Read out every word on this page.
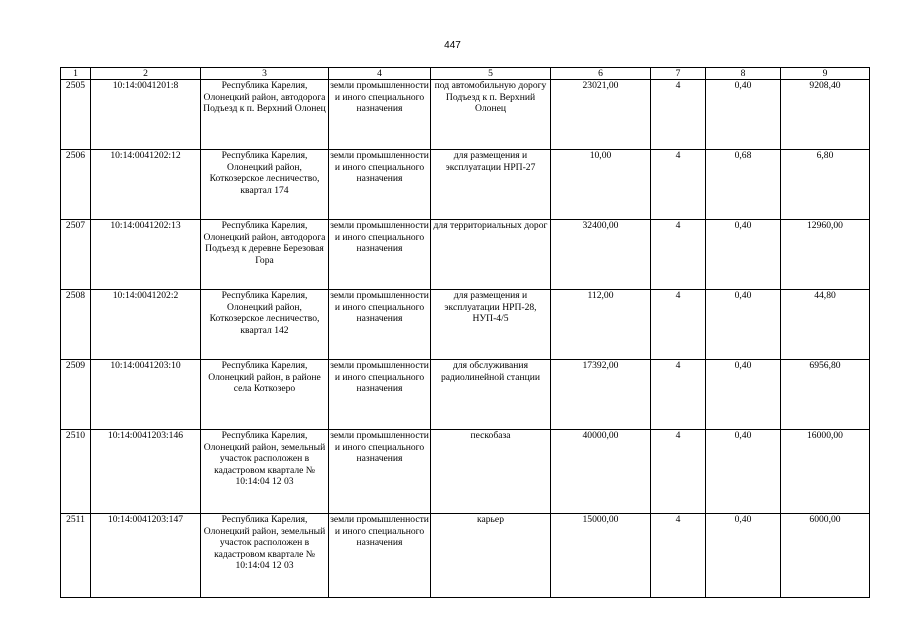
447
1	2	3	4	5	6	7	8	9
2505	10:14:0041201:8	Республика Карелия, Олонецкий район, автодорога Подъезд к п. Верхний Олонец	земли промышленности и иного специального назначения	под автомобильную дорогу Подъезд к п. Верхний Олонец	23021,00	4	0,40	9208,40
2506	10:14:0041202:12	Республика Карелия, Олонецкий район, Коткозерское лесничество, квартал 174	земли промышленности и иного специального назначения	для размещения и эксплуатации НРП-27	10,00	4	0,68	6,80
2507	10:14:0041202:13	Республика Карелия, Олонецкий район, автодорога Подъезд к деревне Березовая Гора	земли промышленности и иного специального назначения	для территориальных дорог	32400,00	4	0,40	12960,00
2508	10:14:0041202:2	Республика Карелия, Олонецкий район, Коткозерское лесничество, квартал 142	земли промышленности и иного специального назначения	для размещения и эксплуатации НРП-28, НУП-4/5	112,00	4	0,40	44,80
2509	10:14:0041203:10	Республика Карелия, Олонецкий район, в районе села Коткозеро	земли промышленности и иного специального назначения	для обслуживания радиолинейной станции	17392,00	4	0,40	6956,80
2510	10:14:0041203:146	Республика Карелия, Олонецкий район, земельный участок расположен в кадастровом квартале № 10:14:04 12 03	земли промышленности и иного специального назначения	пескобаза	40000,00	4	0,40	16000,00
2511	10:14:0041203:147	Республика Карелия, Олонецкий район, земельный участок расположен в кадастровом квартале № 10:14:04 12 03	земли промышленности и иного специального назначения	карьер	15000,00	4	0,40	6000,00
